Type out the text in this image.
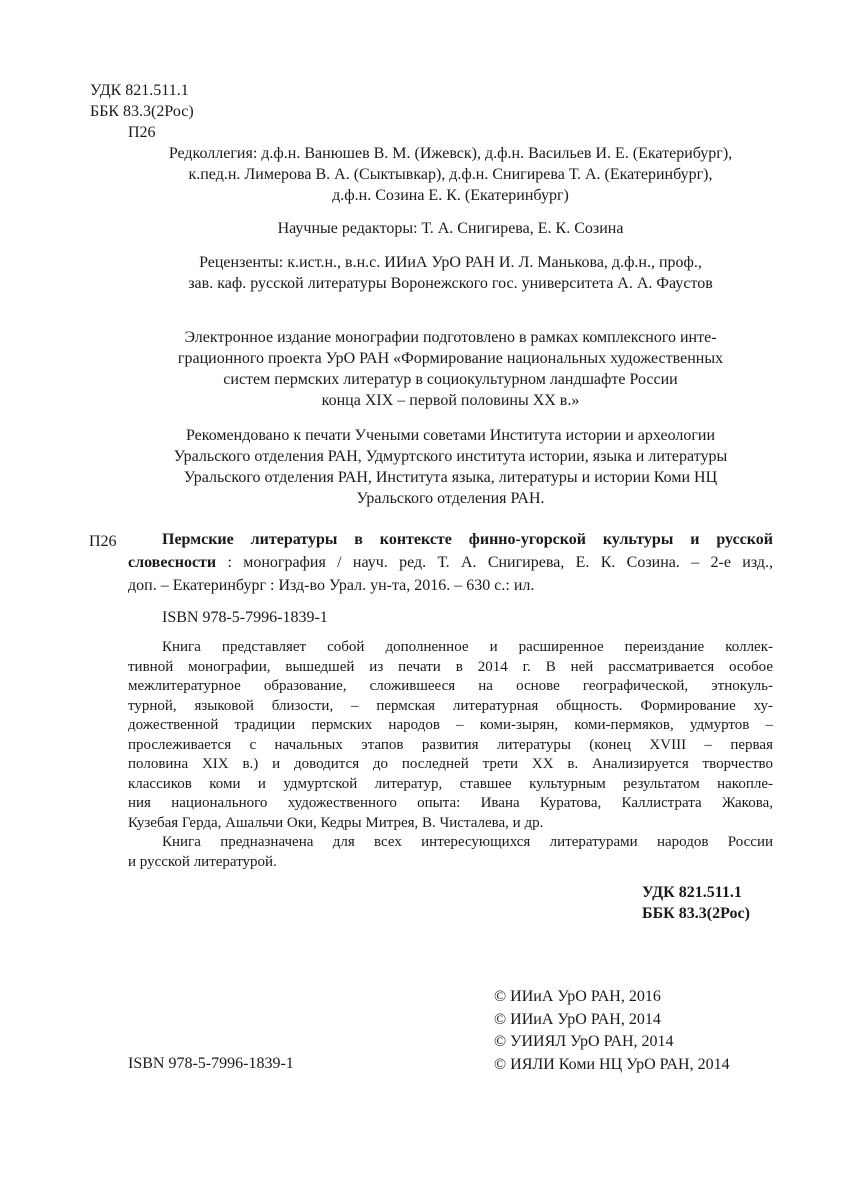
УДК 821.511.1
ББК 83.3(2Рос)
П26
Редколлегия: д.ф.н. Ванюшев В. М. (Ижевск), д.ф.н. Васильев И. Е. (Екатерибург),
к.пед.н. Лимерова В. А. (Сыктывкар), д.ф.н. Снигирева Т. А. (Екатеринбург),
д.ф.н. Созина Е. К. (Екатеринбург)
Научные редакторы: Т. А. Снигирева, Е. К. Созина
Рецензенты: к.ист.н., в.н.с. ИИиА УрО РАН И. Л. Манькова, д.ф.н., проф.,
зав. каф. русской литературы Воронежского гос. университета А. А. Фаустов
Электронное издание монографии подготовлено в рамках комплексного инте-
грационного проекта УрО РАН «Формирование национальных художественных
систем пермских литератур в социокультурном ландшафте России
конца XIX – первой половины XX в.»
Рекомендовано к печати Учеными советами Института истории и археологии
Уральского отделения РАН, Удмуртского института истории, языка и литературы
Уральского отделения РАН, Института языка, литературы и истории Коми НЦ
Уральского отделения РАН.
П26	Пермские литературы в контексте финно-угорской культуры и русской
словесности : монография / науч. ред. Т. А. Снигирева, Е. К. Созина. – 2-е изд.,
доп. – Екатеринбург : Изд-во Урал. ун-та, 2016. – 630 с.: ил.
ISBN 978-5-7996-1839-1
Книга представляет собой дополненное и расширенное переиздание коллек-
тивной монографии, вышедшей из печати в 2014 г. В ней рассматривается особое
межлитературное образование, сложившееся на основе географической, этнокуль-
турной, языковой близости, – пермская литературная общность. Формирование ху-
дожественной традиции пермских народов – коми-зырян, коми-пермяков, удмуртов –
прослеживается с начальных этапов развития литературы (конец XVIII – первая
половина XIX в.) и доводится до последней трети XX в. Анализируется творчество
классиков коми и удмуртской литератур, ставшее культурным результатом накопле-
ния национального художественного опыта: Ивана Куратова, Каллистрата Жакова,
Кузебая Герда, Ашальчи Оки, Кедры Митрея, В. Чисталева, и др.
Книга предназначена для всех интересующихся литературами народов России
и русской литературой.
УДК 821.511.1
ББК 83.3(2Рос)
© ИИиА УрО РАН, 2016
© ИИиА УрО РАН, 2014
© УИИЯЛ УрО РАН, 2014
© ИЯЛИ Коми НЦ УрО РАН, 2014
ISBN 978-5-7996-1839-1
